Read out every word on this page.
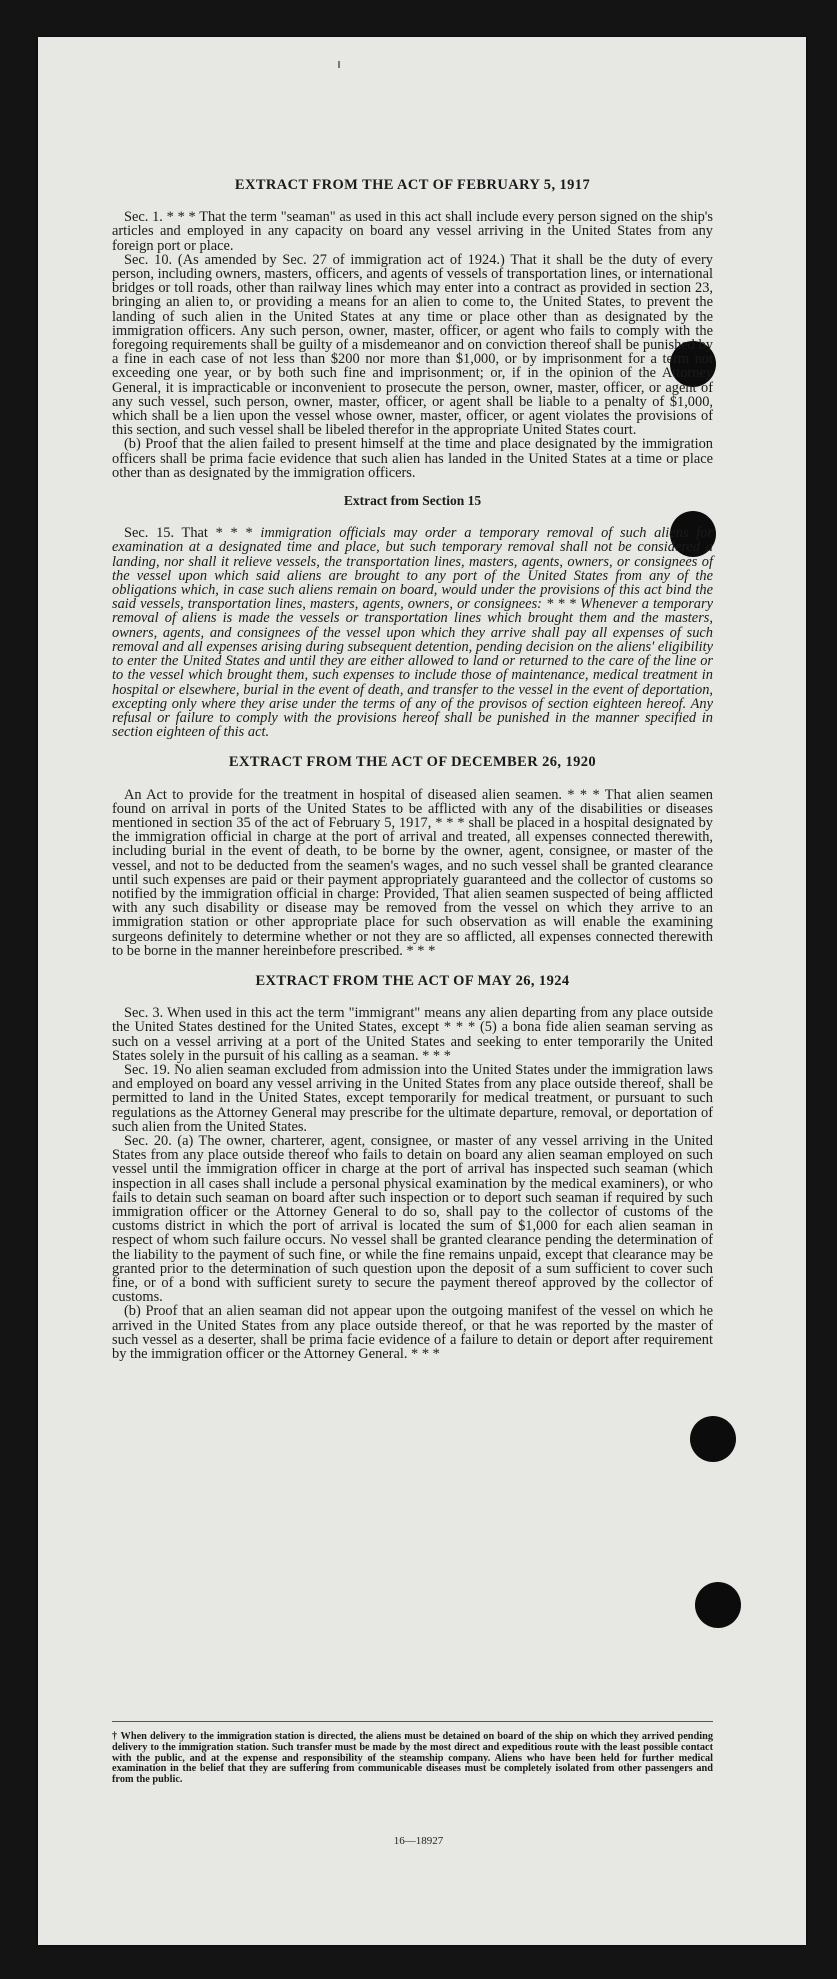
EXTRACT FROM THE ACT OF FEBRUARY 5, 1917

Sec. 1. * * * That the term "seaman" as used in this act shall include every person signed on the ship's articles and employed in any capacity on board any vessel arriving in the United States from any foreign port or place.

Sec. 10. (As amended by Sec. 27 of immigration act of 1924.) That it shall be the duty of every person, including owners, masters, officers, and agents of vessels of transportation lines, or international bridges or toll roads, other than railway lines which may enter into a contract as provided in section 23, bringing an alien to, or providing a means for an alien to come to, the United States, to prevent the landing of such alien in the United States at any time or place other than as designated by the immigration officers. Any such person, owner, master, officer, or agent who fails to comply with the foregoing requirements shall be guilty of a misdemeanor and on conviction thereof shall be punished by a fine in each case of not less than $200 nor more than $1,000, or by imprisonment for a term not exceeding one year, or by both such fine and imprisonment; or, if in the opinion of the Attorney General, it is impracticable or inconvenient to prosecute the person, owner, master, officer, or agent of any such vessel, such person, owner, master, officer, or agent shall be liable to a penalty of $1,000, which shall be a lien upon the vessel whose owner, master, officer, or agent violates the provisions of this section, and such vessel shall be libeled therefor in the appropriate United States court.

(b) Proof that the alien failed to present himself at the time and place designated by the immigration officers shall be prima facie evidence that such alien has landed in the United States at a time or place other than as designated by the immigration officers.

Extract from Section 15

Sec. 15. That * * * immigration officials may order a temporary removal of such aliens for examination at a designated time and place, but such temporary removal shall not be considered a landing, nor shall it relieve vessels, the transportation lines, masters, agents, owners, or consignees of the vessel upon which said aliens are brought to any port of the United States from any of the obligations which, in case such aliens remain on board, would under the provisions of this act bind the said vessels, transportation lines, masters, agents, owners, or consignees: * * * Whenever a temporary removal of aliens is made the vessels or transportation lines which brought them and the masters, owners, agents, and consignees of the vessel upon which they arrive shall pay all expenses of such removal and all expenses arising during subsequent detention, pending decision on the aliens' eligibility to enter the United States and until they are either allowed to land or returned to the care of the line or to the vessel which brought them, such expenses to include those of maintenance, medical treatment in hospital or elsewhere, burial in the event of death, and transfer to the vessel in the event of deportation, excepting only where they arise under the terms of any of the provisos of section eighteen hereof. Any refusal or failure to comply with the provisions hereof shall be punished in the manner specified in section eighteen of this act.

EXTRACT FROM THE ACT OF DECEMBER 26, 1920

An Act to provide for the treatment in hospital of diseased alien seamen. * * * That alien seamen found on arrival in ports of the United States to be afflicted with any of the disabilities or diseases mentioned in section 35 of the act of February 5, 1917, * * * shall be placed in a hospital designated by the immigration official in charge at the port of arrival and treated, all expenses connected therewith, including burial in the event of death, to be borne by the owner, agent, consignee, or master of the vessel, and not to be deducted from the seamen's wages, and no such vessel shall be granted clearance until such expenses are paid or their payment appropriately guaranteed and the collector of customs so notified by the immigration official in charge: Provided, That alien seamen suspected of being afflicted with any such disability or disease may be removed from the vessel on which they arrive to an immigration station or other appropriate place for such observation as will enable the examining surgeons definitely to determine whether or not they are so afflicted, all expenses connected therewith to be borne in the manner hereinbefore prescribed. * * *

EXTRACT FROM THE ACT OF MAY 26, 1924

Sec. 3. When used in this act the term "immigrant" means any alien departing from any place outside the United States destined for the United States, except * * * (5) a bona fide alien seaman serving as such on a vessel arriving at a port of the United States and seeking to enter temporarily the United States solely in the pursuit of his calling as a seaman. * * *

Sec. 19. No alien seaman excluded from admission into the United States under the immigration laws and employed on board any vessel arriving in the United States from any place outside thereof, shall be permitted to land in the United States, except temporarily for medical treatment, or pursuant to such regulations as the Attorney General may prescribe for the ultimate departure, removal, or deportation of such alien from the United States.

Sec. 20. (a) The owner, charterer, agent, consignee, or master of any vessel arriving in the United States from any place outside thereof who fails to detain on board any alien seaman employed on such vessel until the immigration officer in charge at the port of arrival has inspected such seaman (which inspection in all cases shall include a personal physical examination by the medical examiners), or who fails to detain such seaman on board after such inspection or to deport such seaman if required by such immigration officer or the Attorney General to do so, shall pay to the collector of customs of the customs district in which the port of arrival is located the sum of $1,000 for each alien seaman in respect of whom such failure occurs. No vessel shall be granted clearance pending the determination of the liability to the payment of such fine, or while the fine remains unpaid, except that clearance may be granted prior to the determination of such question upon the deposit of a sum sufficient to cover such fine, or of a bond with sufficient surety to secure the payment thereof approved by the collector of customs.

(b) Proof that an alien seaman did not appear upon the outgoing manifest of the vessel on which he arrived in the United States from any place outside thereof, or that he was reported by the master of such vessel as a deserter, shall be prima facie evidence of a failure to detain or deport after requirement by the immigration officer or the Attorney General. * * *

† When delivery to the immigration station is directed, the aliens must be detained on board of the ship on which they arrived pending delivery to the immigration station. Such transfer must be made by the most direct and expeditious route with the least possible contact with the public, and at the expense and responsibility of the steamship company. Aliens who have been held for further medical examination in the belief that they are suffering from communicable diseases must be completely isolated from other passengers and from the public.
16—18927
